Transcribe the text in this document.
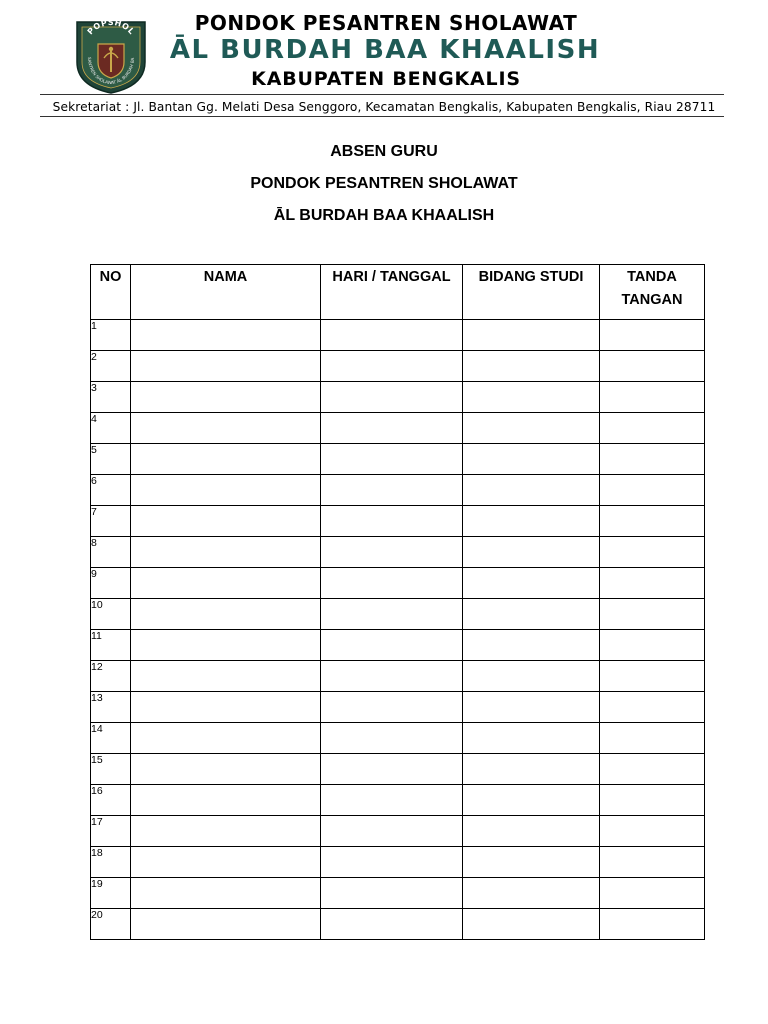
POPSHOL
SANTREN SHOLAWAT ĀL BURDAH BA
PONDOK PESANTREN SHOLAWAT
ĀL BURDAH BAA KHAALISH
KABUPATEN BENGKALIS
Sekretariat : Jl. Bantan Gg. Melati Desa Senggoro, Kecamatan Bengkalis, Kabupaten Bengkalis, Riau 28711
ABSEN GURU
PONDOK PESANTREN SHOLAWAT
ĀL BURDAH BAA KHAALISH
NO	NAMA	HARI / TANGGAL	BIDANG STUDI	TANDA TANGAN
1				
2				
3				
4				
5				
6				
7				
8				
9				
10				
11				
12				
13				
14				
15				
16				
17				
18				
19				
20				
